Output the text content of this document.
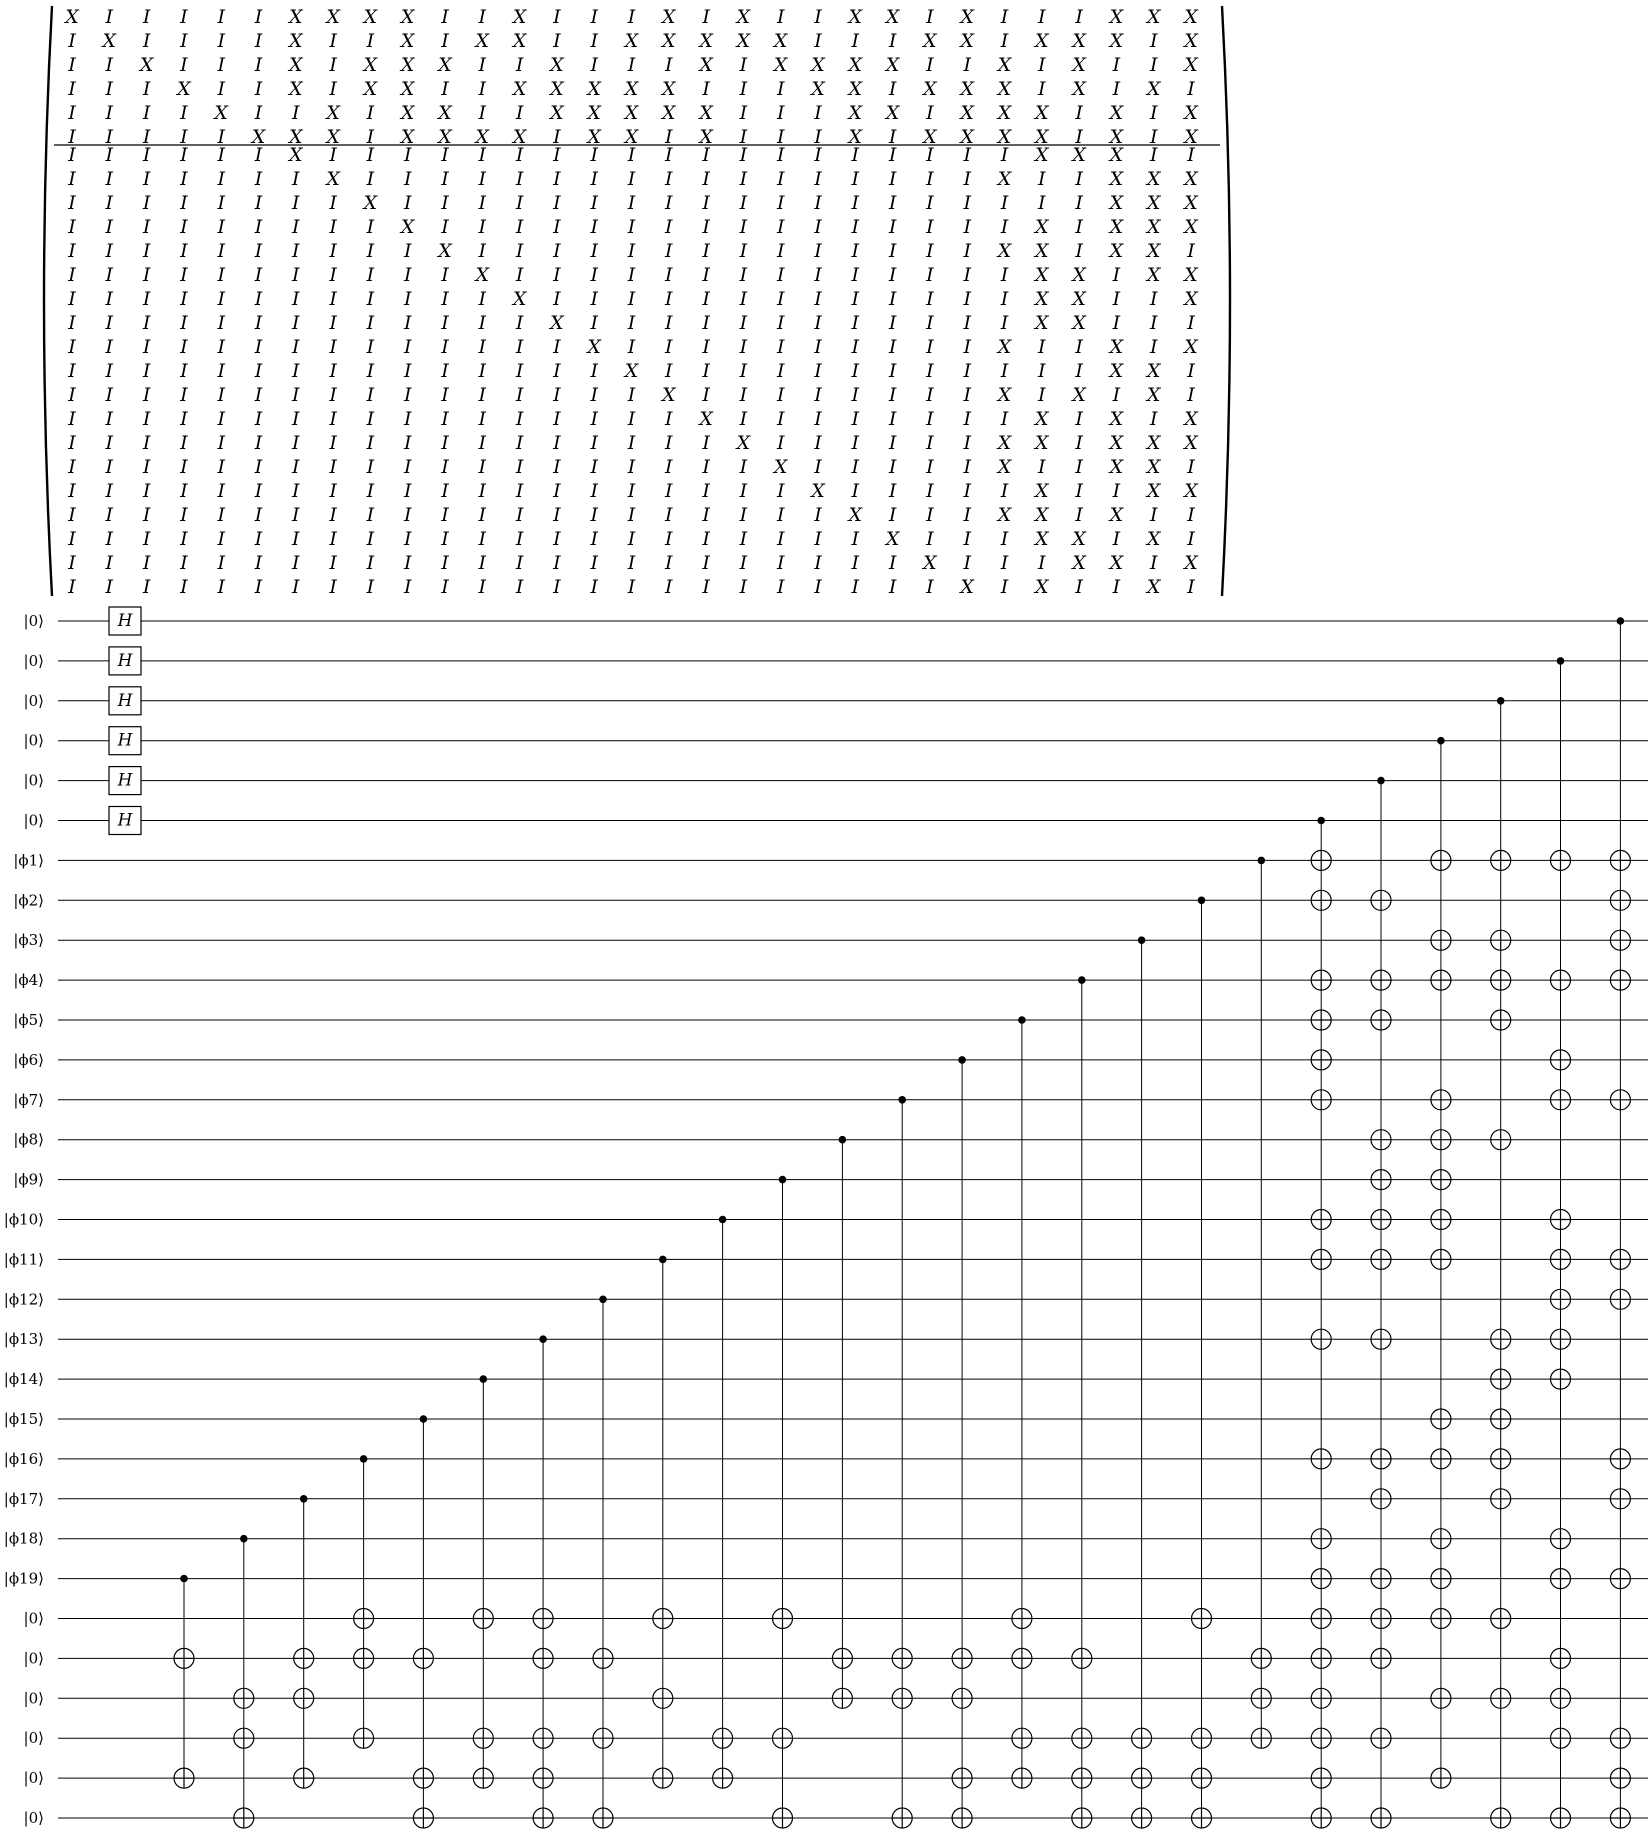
X I I I I I X X X X I I X I I I X I X I I X X I X I I I X X X
I X I I I I X I I X I X X I I X X X X X I I I X X I X X X I X
I I X I I I X I X X X I I X I I I X I X X X X I I X I X I I X
I I I X I I X I X X I I X X X X X I I I X X I X X X I X I X I
I I I I X I I X I X X I I X X X X X I I I X X I X X X I X I X
I I I I I X X X I X X X X I X X I X I I I X I X X X X I X I X
I I I I I I X I I I I I I I I I I I I I I I I I I I X X X I I
I I I I I I I X I I I I I I I I I I I I I I I I I X I I X X X
I I I I I I I I X I I I I I I I I I I I I I I I I I I I X X X
I I I I I I I I I X I I I I I I I I I I I I I I I I X I X X X
I I I I I I I I I I X I I I I I I I I I I I I I I X X I X X I
I I I I I I I I I I I X I I I I I I I I I I I I I I X X I X X
I I I I I I I I I I I I X I I I I I I I I I I I I I X X I I X
I I I I I I I I I I I I I X I I I I I I I I I I I I X X I I I
I I I I I I I I I I I I I I X I I I I I I I I I I X I I X I X
I I I I I I I I I I I I I I I X I I I I I I I I I I I I X X I
I I I I I I I I I I I I I I I I X I I I I I I I I X I X I X I
I I I I I I I I I I I I I I I I I X I I I I I I I I X I X I X
I I I I I I I I I I I I I I I I I I X I I I I I I X X I X X X
I I I I I I I I I I I I I I I I I I I X I I I I I X I I X X I
I I I I I I I I I I I I I I I I I I I I X I I I I I X I I X X
I I I I I I I I I I I I I I I I I I I I I X I I I X X I X I I
I I I I I I I I I I I I I I I I I I I I I I X I I I X X I X I
I I I I I I I I I I I I I I I I I I I I I I I X I I I X X I X
I I I I I I I I I I I I I I I I I I I I I I I I X I X I I X I
|0⟩
|0⟩
|0⟩
|0⟩
|0⟩
|0⟩
|ϕ1⟩
|ϕ2⟩
|ϕ3⟩
|ϕ4⟩
|ϕ5⟩
|ϕ6⟩
|ϕ7⟩
|ϕ8⟩
|ϕ9⟩
|ϕ10⟩
|ϕ11⟩
|ϕ12⟩
|ϕ13⟩
|ϕ14⟩
|ϕ15⟩
|ϕ16⟩
|ϕ17⟩
|ϕ18⟩
|ϕ19⟩
|0⟩
|0⟩
|0⟩
|0⟩
|0⟩
|0⟩
H
H
H
H
H
H
